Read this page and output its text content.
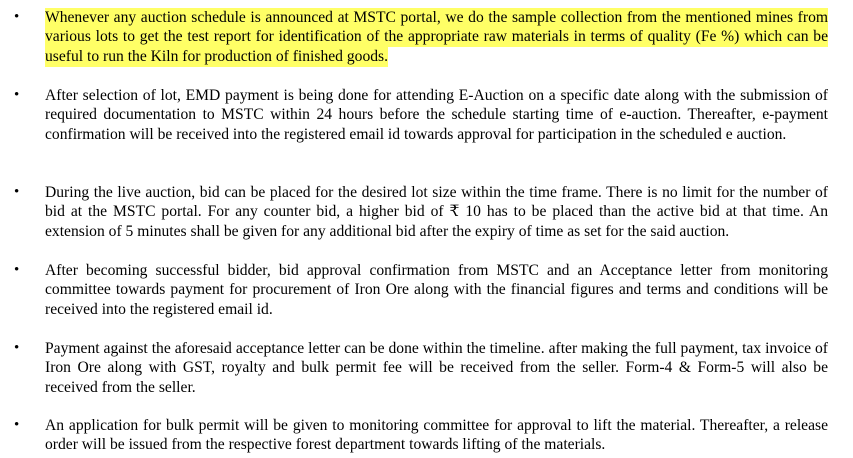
• Whenever any auction schedule is announced at MSTC portal, we do the sample collection from the mentioned mines from various lots to get the test report for identification of the appropriate raw materials in terms of quality (Fe %) which can be useful to run the Kiln for production of finished goods.
• After selection of lot, EMD payment is being done for attending E-Auction on a specific date along with the submission of required documentation to MSTC within 24 hours before the schedule starting time of e-auction. Thereafter, e-payment confirmation will be received into the registered email id towards approval for participation in the scheduled e auction.
• During the live auction, bid can be placed for the desired lot size within the time frame. There is no limit for the number of bid at the MSTC portal. For any counter bid, a higher bid of ₹ 10 has to be placed than the active bid at that time. An extension of 5 minutes shall be given for any additional bid after the expiry of time as set for the said auction.
• After becoming successful bidder, bid approval confirmation from MSTC and an Acceptance letter from monitoring committee towards payment for procurement of Iron Ore along with the financial figures and terms and conditions will be received into the registered email id.
• Payment against the aforesaid acceptance letter can be done within the timeline. after making the full payment, tax invoice of Iron Ore along with GST, royalty and bulk permit fee will be received from the seller. Form-4 & Form-5 will also be received from the seller.
• An application for bulk permit will be given to monitoring committee for approval to lift the material. Thereafter, a release order will be issued from the respective forest department towards lifting of the materials.
